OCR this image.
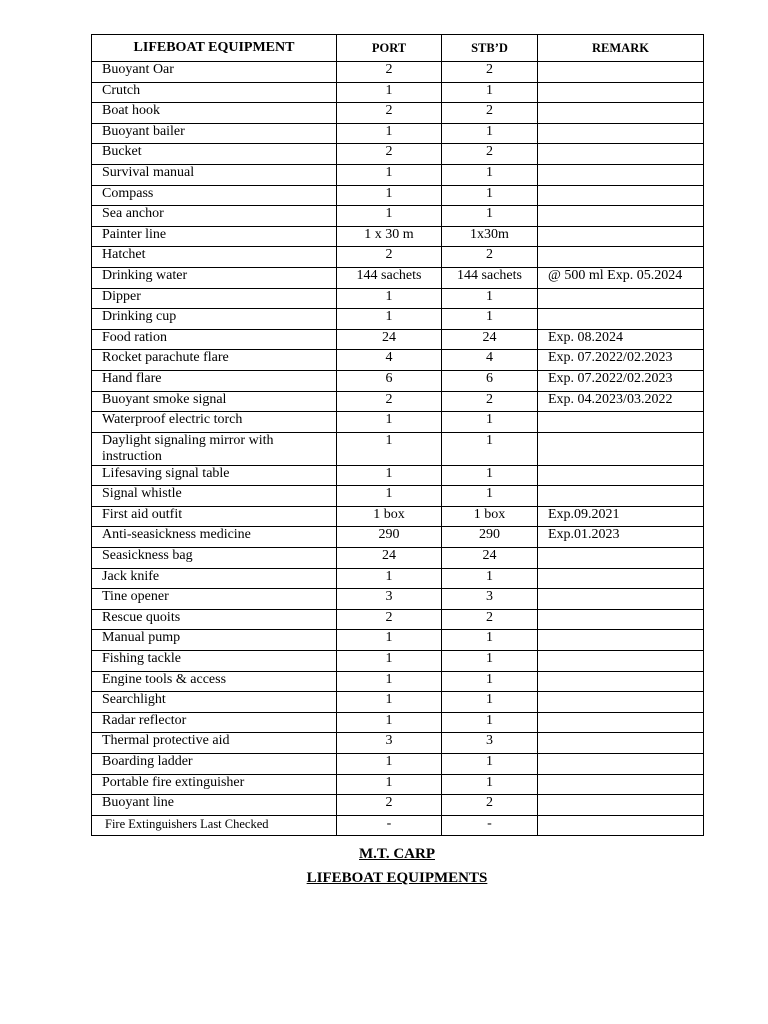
LIFEBOAT EQUIPMENT	PORT	STB’D	REMARK
Buoyant Oar	2	2	
Crutch	1	1	
Boat hook	2	2	
Buoyant bailer	1	1	
Bucket	2	2	
Survival manual	1	1	
Compass	1	1	
Sea anchor	1	1	
Painter line	1 x 30 m	1x30m	
Hatchet	2	2	
Drinking water	144 sachets	144 sachets	@ 500 ml Exp. 05.2024
Dipper	1	1	
Drinking cup	1	1	
Food ration	24	24	Exp. 08.2024
Rocket parachute flare	4	4	Exp. 07.2022/02.2023
Hand flare	6	6	Exp. 07.2022/02.2023
Buoyant smoke signal	2	2	Exp. 04.2023/03.2022
Waterproof electric torch	1	1	
Daylight signaling mirror with instruction	1	1	
Lifesaving signal table	1	1	
Signal whistle	1	1	
First aid outfit	1 box	1 box	Exp.09.2021
Anti-seasickness medicine	290	290	Exp.01.2023
Seasickness bag	24	24	
Jack knife	1	1	
Tine opener	3	3	
Rescue quoits	2	2	
Manual pump	1	1	
Fishing tackle	1	1	
Engine tools & access	1	1	
Searchlight	1	1	
Radar reflector	1	1	
Thermal protective aid	3	3	
Boarding ladder	1	1	
Portable fire extinguisher	1	1	
Buoyant line	2	2	
Fire Extinguishers Last Checked	-	-	
M.T. CARP
LIFEBOAT EQUIPMENTS
